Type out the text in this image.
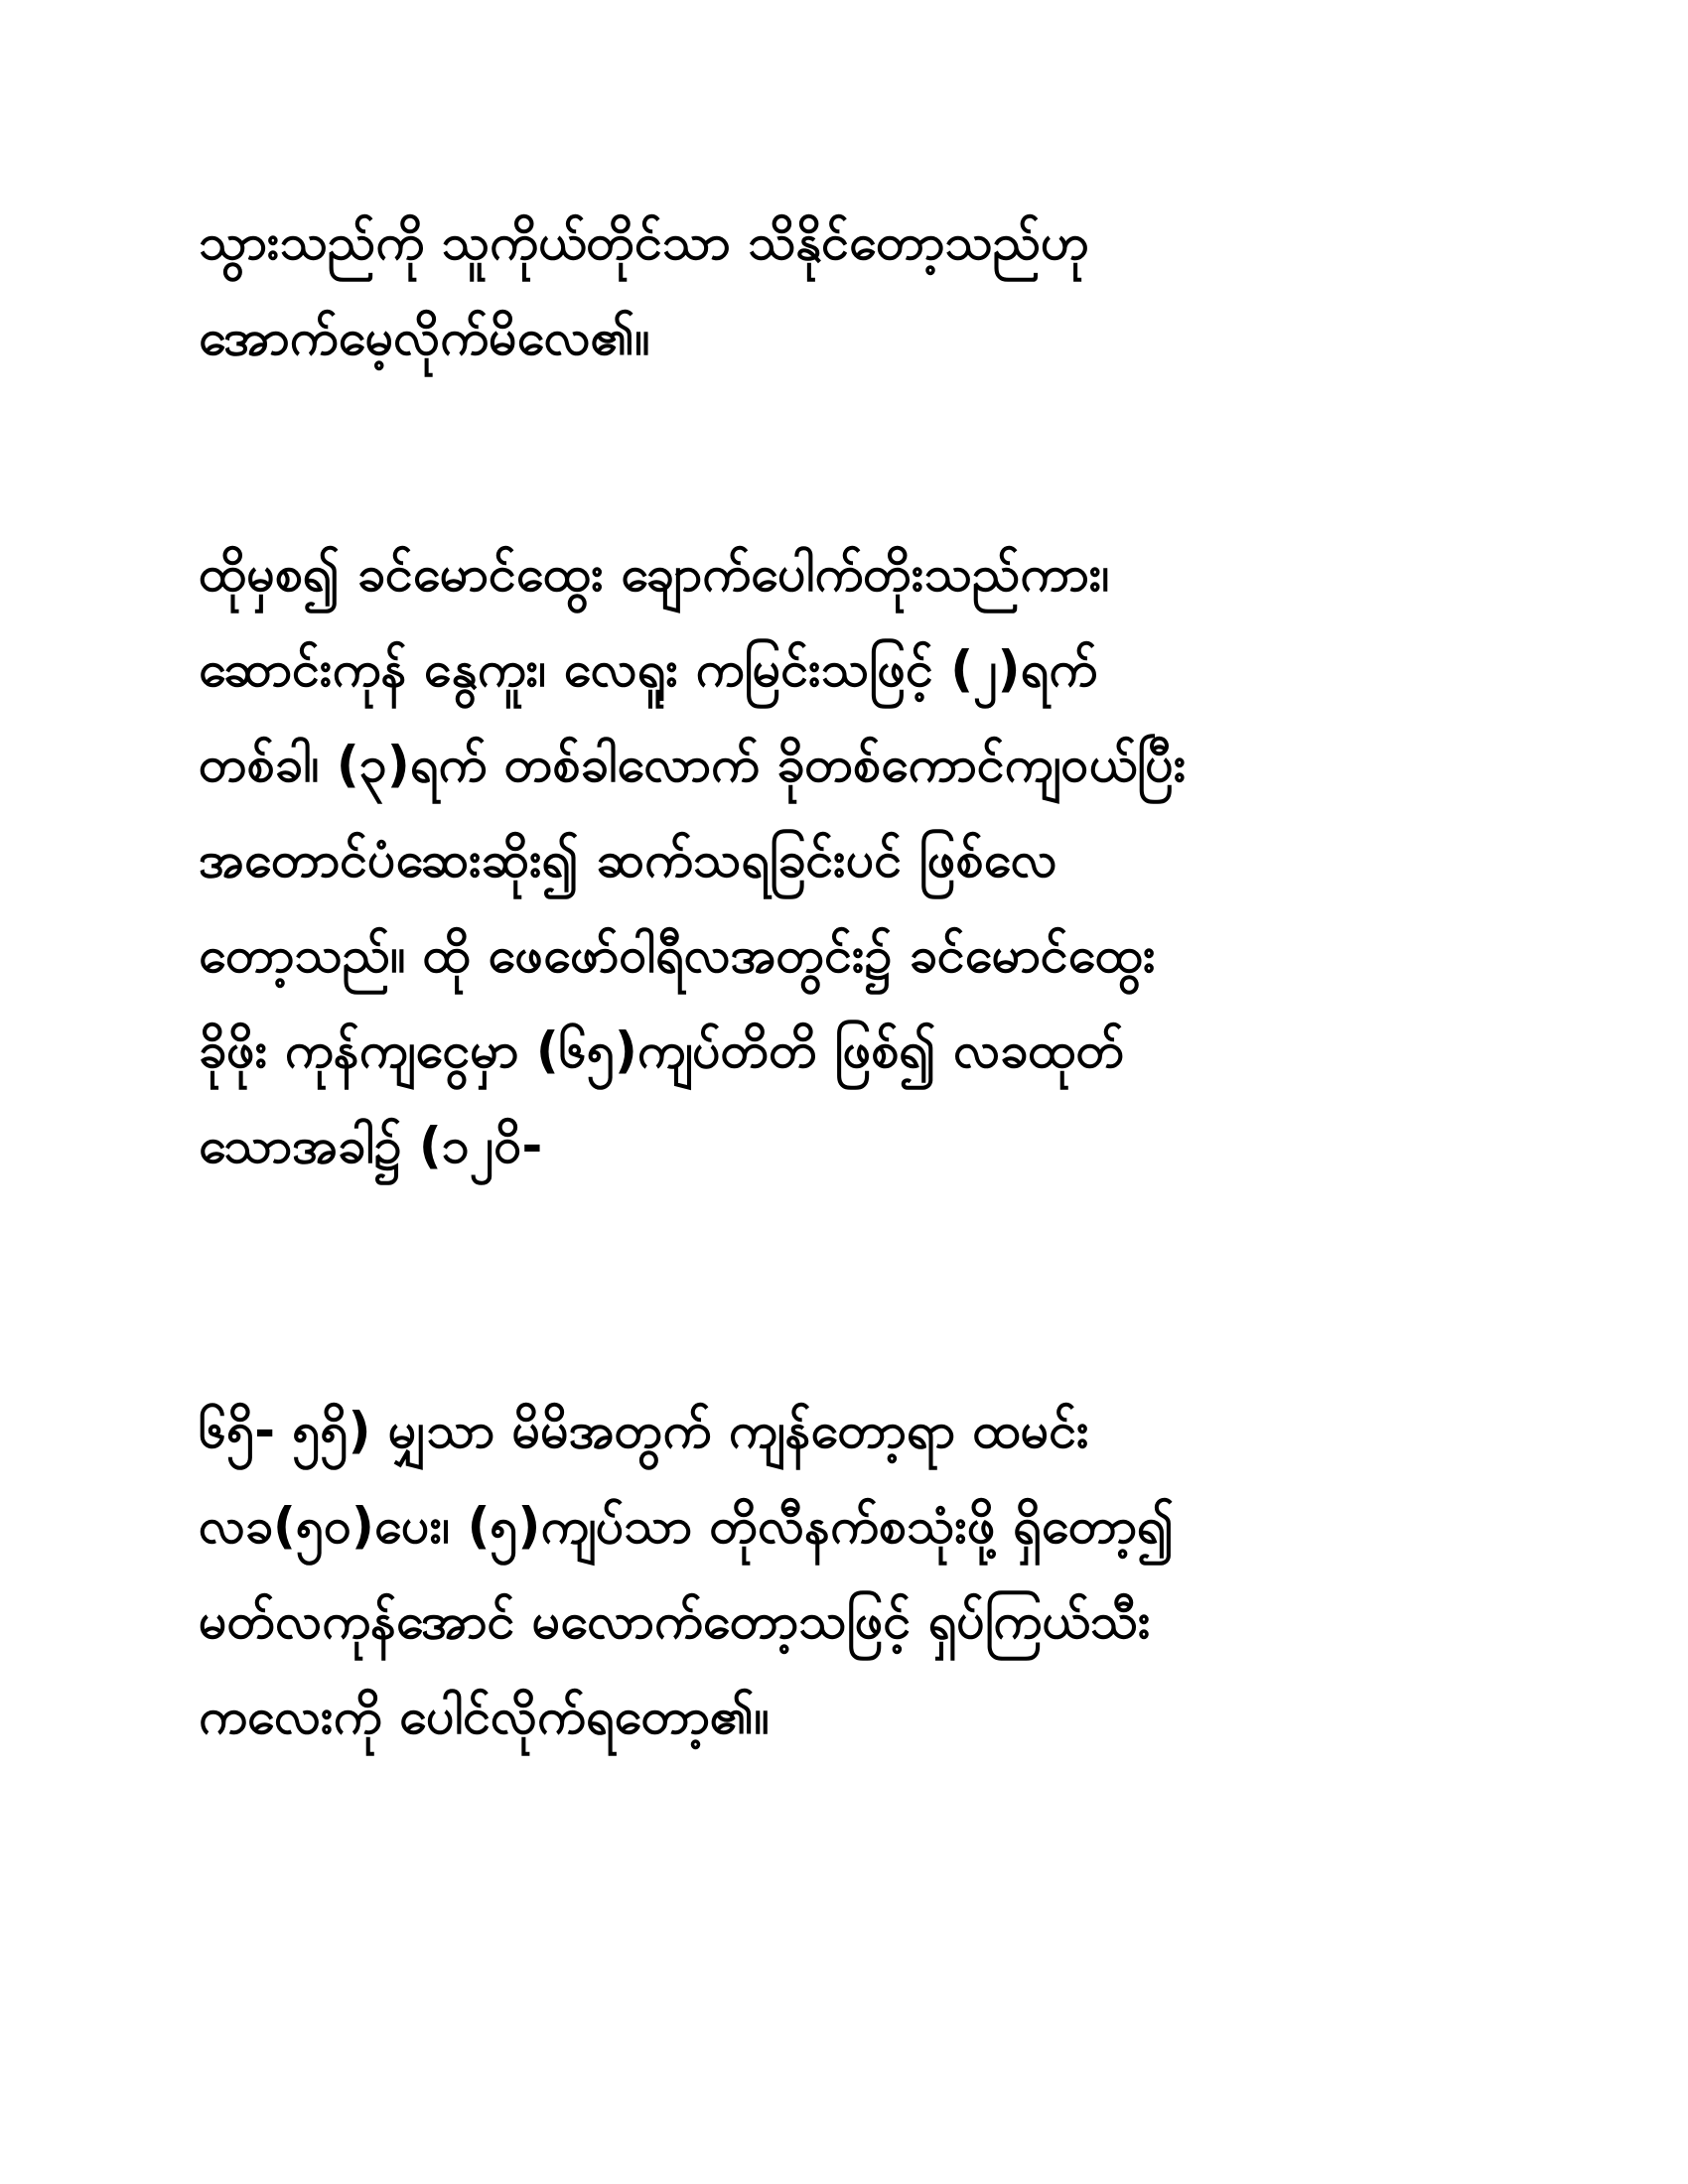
သွားသည်ကို သူကိုယ်တိုင်သာ သိနိုင်တော့သည်ဟု
အောက်မေ့လိုက်မိလေ၏။
ထိုမှစ၍ ခင်မောင်ထွေး ချောက်ပေါက်တိုးသည်ကား၊
ဆောင်းကုန် နွေကူး၊ လေရူး ကမြင်းသဖြင့် (၂)ရက်
တစ်ခါ၊ (၃)ရက် တစ်ခါလောက် ခိုတစ်ကောင်ကျဝယ်ပြီး
အတောင်ပံဆေးဆိုး၍ ဆက်သရခြင်းပင် ဖြစ်လေ
တော့သည်။ ထို ဖေဖော်ဝါရီလအတွင်း၌ ခင်မောင်ထွေး
ခိုဖိုး ကုန်ကျငွေမှာ (၆၅)ကျပ်တိတိ ဖြစ်၍ လခထုတ်
သောအခါ၌ (၁၂ဝိ-
၆၅ိ- ၅၅ိ) မျှသာ မိမိအတွက် ကျန်တော့ရာ ထမင်း
လခ(၅ဝ)ပေး၊ (၅)ကျပ်သာ တိုလီနက်စသုံးဖို့ ရှိတော့၍
မတ်လကုန်အောင် မလောက်တော့သဖြင့် ရှပ်ကြယ်သီး
ကလေးကို ပေါင်လိုက်ရတော့၏။
